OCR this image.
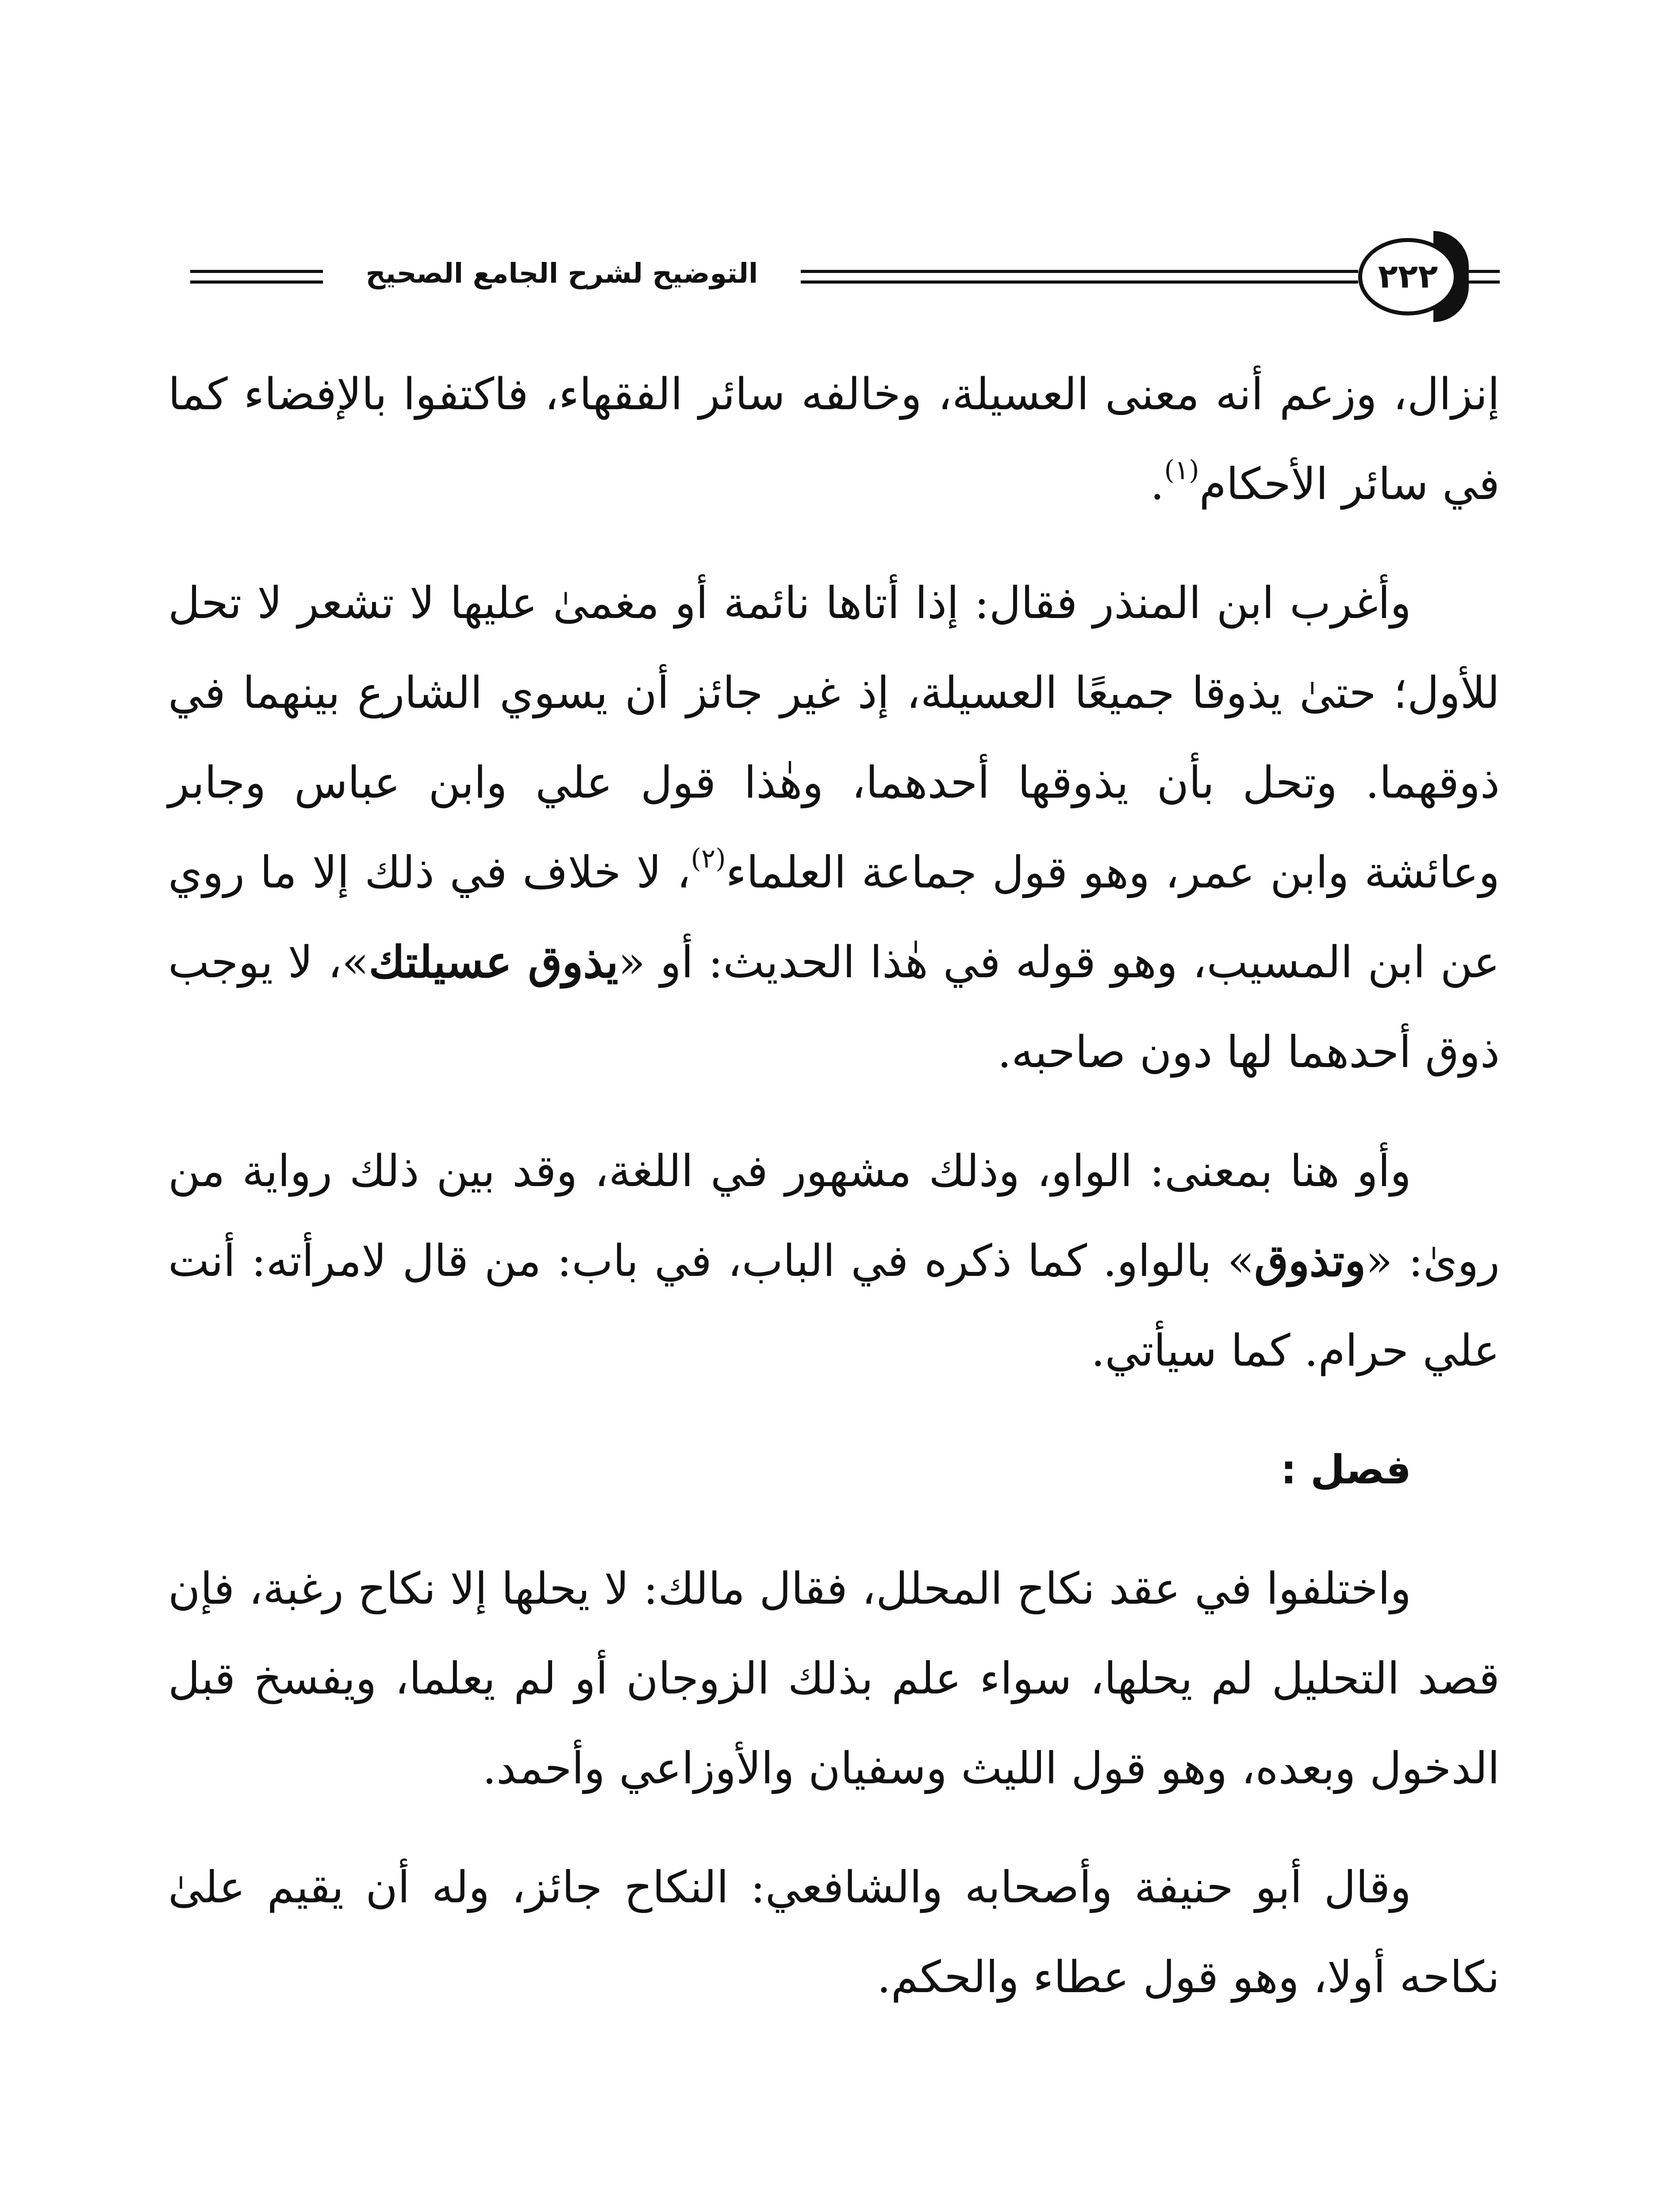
التوضيح لشرح الجامع الصحيح	٢٢٢

إنزال، وزعم أنه معنى العسيلة، وخالفه سائر الفقهاء، فاكتفوا بالإفضاء كما في سائر الأحكام$^{(١)}$.

وأغرب ابن المنذر فقال: إذا أتاها نائمة أو مغمىٰ عليها لا تشعر لا تحل للأول؛ حتىٰ يذوقا جميعًا العسيلة، إذ غير جائز أن يسوي الشارع بينهما في ذوقهما. وتحل بأن يذوقها أحدهما، وهٰذا قول علي وابن عباس وجابر وعائشة وابن عمر، وهو قول جماعة العلماء$^{(٢)}$، لا خلاف في ذلك إلا ما روي عن ابن المسيب، وهو قوله في هٰذا الحديث: أو «يذوق عسيلتك»، لا يوجب ذوق أحدهما لها دون صاحبه.

وأو هنا بمعنى: الواو، وذلك مشهور في اللغة، وقد بين ذلك رواية من روىٰ: «وتذوق» بالواو. كما ذكره في الباب، في باب: من قال لامرأته: أنت علي حرام. كما سيأتي.

فصل :

واختلفوا في عقد نكاح المحلل، فقال مالك: لا يحلها إلا نكاح رغبة، فإن قصد التحليل لم يحلها، سواء علم بذلك الزوجان أو لم يعلما، ويفسخ قبل الدخول وبعده، وهو قول الليث وسفيان والأوزاعي وأحمد.

وقال أبو حنيفة وأصحابه والشافعي: النكاح جائز، وله أن يقيم علىٰ نكاحه أولا، وهو قول عطاء والحكم.
